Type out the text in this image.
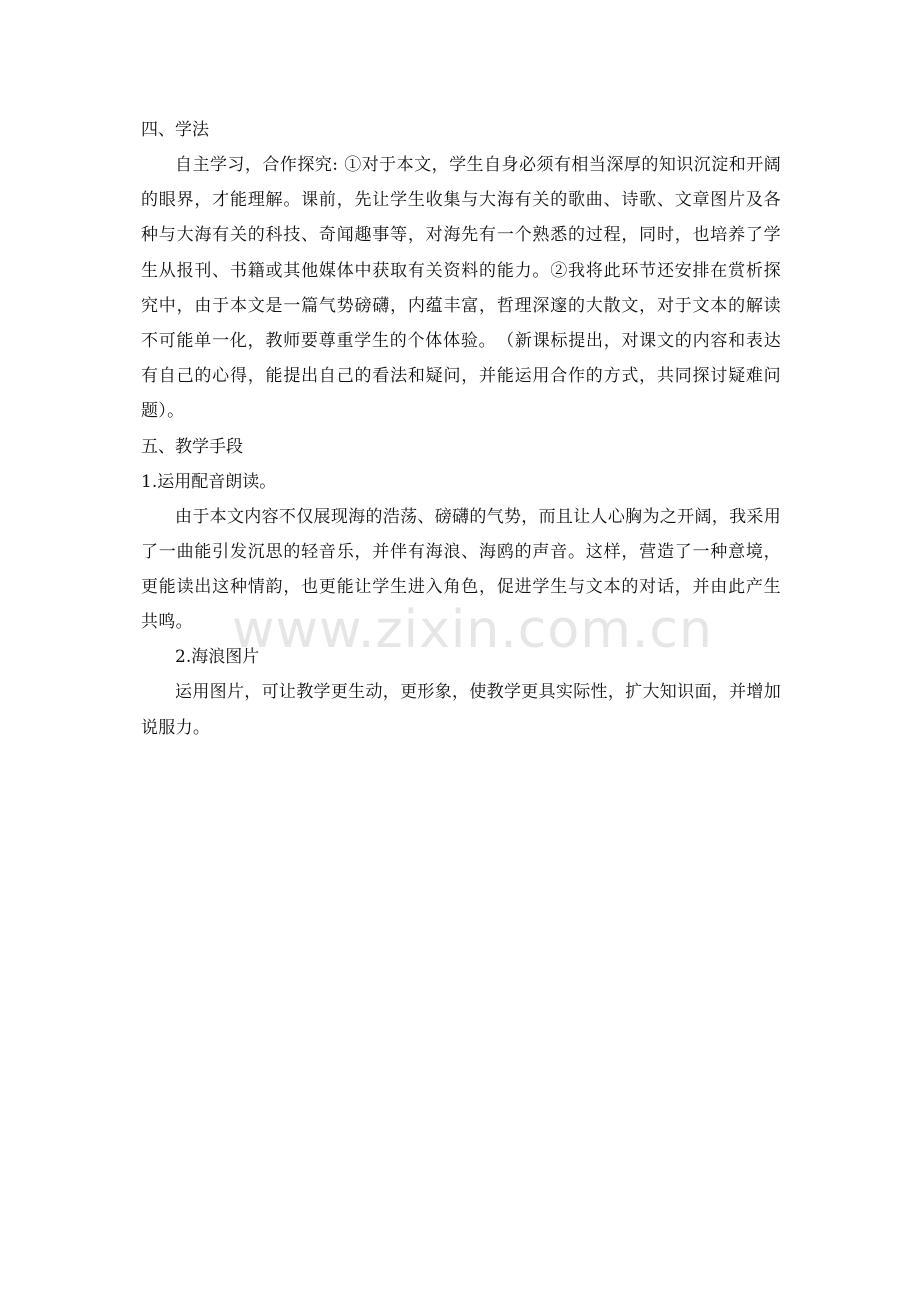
四、学法

自主学习，合作探究: ①对于本文，学生自身必须有相当深厚的知识沉淀和开阔的眼界，才能理解。课前，先让学生收集与大海有关的歌曲、诗歌、文章图片及各种与大海有关的科技、奇闻趣事等，对海先有一个熟悉的过程，同时，也培养了学生从报刊、书籍或其他媒体中获取有关资料的能力。②我将此环节还安排在赏析探究中，由于本文是一篇气势磅礴，内蕴丰富，哲理深邃的大散文，对于文本的解读不可能单一化，教师要尊重学生的个体体验。　（新课标提出，对课文的内容和表达有自己的心得，能提出自己的看法和疑问，并能运用合作的方式，共同探讨疑难问题）。

五、教学手段

1.运用配音朗读。

由于本文内容不仅展现海的浩荡、磅礴的气势，而且让人心胸为之开阔，我采用了一曲能引发沉思的轻音乐，并伴有海浪、海鸥的声音。这样，营造了一种意境，更能读出这种情韵，也更能让学生进入角色，促进学生与文本的对话，并由此产生共鸣。

2.海浪图片

运用图片，可让教学更生动，更形象，使教学更具实际性，扩大知识面，并增加说服力。

www.zixin.com.cn
